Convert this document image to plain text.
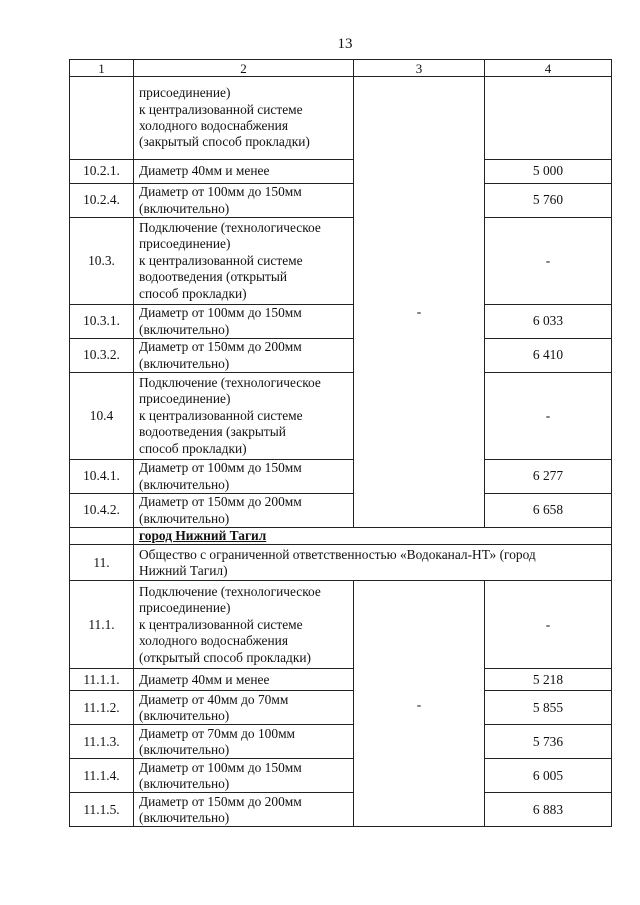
13
1	2	3	4
	присоединение)
к централизованной системе
холодного водоснабжения
(закрытый способ прокладки)	-	
10.2.1.	Диаметр 40мм и менее		5 000
10.2.4.	Диаметр от 100мм до 150мм
(включительно)		5 760
10.3.	Подключение (технологическое
присоединение)
к централизованной системе
водоотведения (открытый
способ прокладки)		-
10.3.1.	Диаметр от 100мм до 150мм
(включительно)		6 033
10.3.2.	Диаметр от 150мм до 200мм
(включительно)		6 410
10.4	Подключение (технологическое
присоединение)
к централизованной системе
водоотведения (закрытый
способ прокладки)		-
10.4.1.	Диаметр от 100мм до 150мм
(включительно)		6 277
10.4.2.	Диаметр от 150мм до 200мм
(включительно)		6 658
	город Нижний Тагил		
11.	Общество с ограниченной ответственностью «Водоканал-НТ» (город
Нижний Тагил)		
11.1.	Подключение (технологическое
присоединение)
к централизованной системе
холодного водоснабжения
(открытый способ прокладки)	-	-
11.1.1.	Диаметр 40мм и менее		5 218
11.1.2.	Диаметр от 40мм до 70мм
(включительно)		5 855
11.1.3.	Диаметр от 70мм до 100мм
(включительно)		5 736
11.1.4.	Диаметр от 100мм до 150мм
(включительно)		6 005
11.1.5.	Диаметр от 150мм до 200мм
(включительно)		6 883
